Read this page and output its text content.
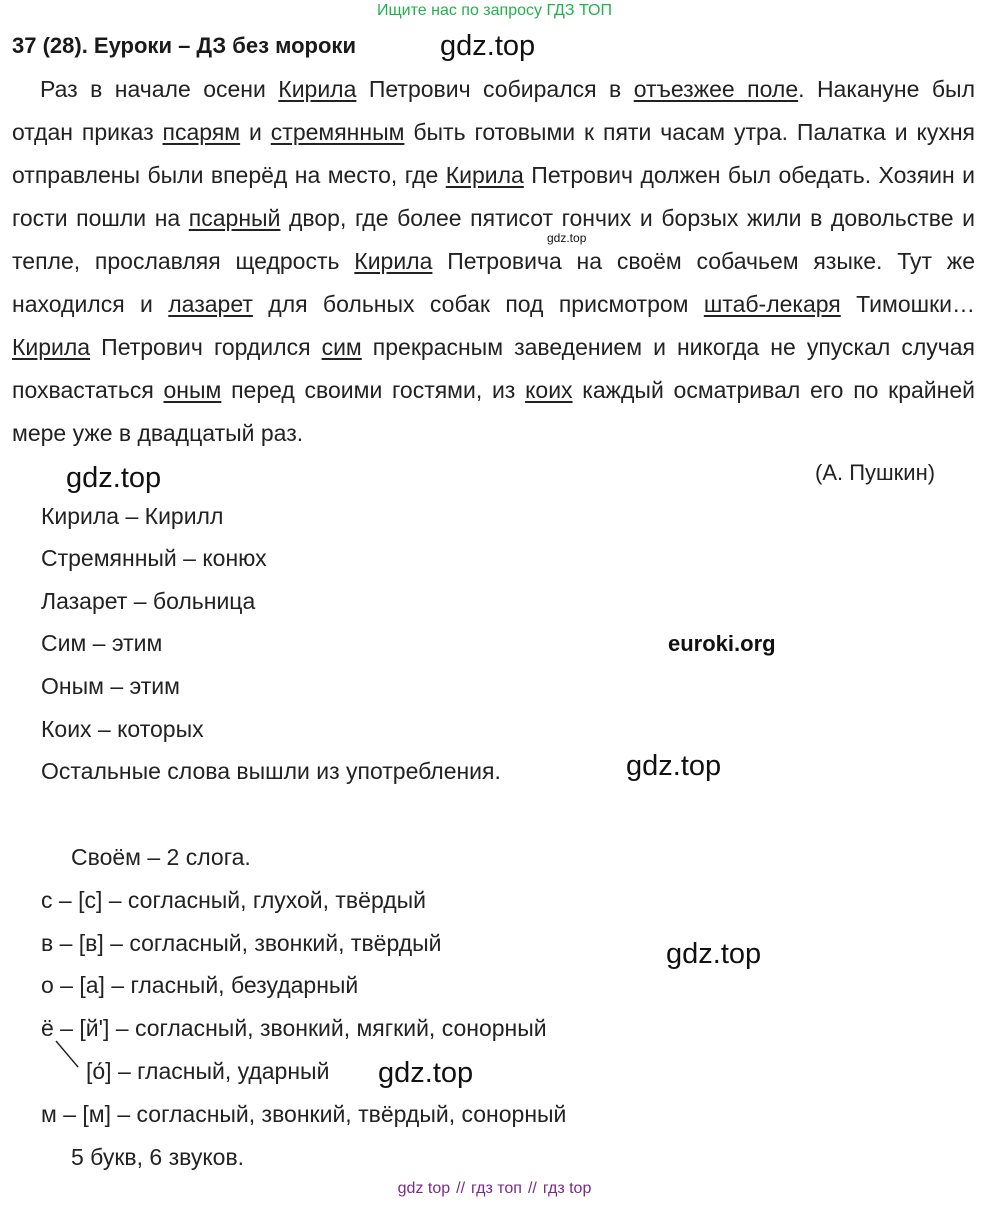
Ищите нас по запросу ГДЗ ТОП
37 (28). Еуроки – ДЗ без мороки	gdz.top
Раз в начале осени Кирила Петрович собирался в отъезжее поле. Накануне был отдан приказ псарям и стремянным быть готовыми к пяти часам утра. Палатка и кухня отправлены были вперёд на место, где Кирила Петрович должен был обедать. Хозяин и гости пошли на псарный двор, где более пятисот гончих и борзых жили в довольстве и тепле, прославляя щедрость Кирила Петровича на своём собачьем языке. Тут же находился и лазарет для больных собак под присмотром штаб-лекаря Тимошки… Кирила Петрович гордился сим прекрасным заведением и никогда не упускал случая похвастаться оным перед своими гостями, из коих каждый осматривал его по крайней мере уже в двадцатый раз.
gdz.top
gdz.top	(А. Пушкин)
Кирила – Кирилл
Стремянный – конюх
Лазарет – больница
Сим – этим
Оным – этим
Коих – которых
Остальные слова вышли из употребления.
euroki.org
gdz.top
Своём – 2 слога.
с – [с] – согласный, глухой, твёрдый
в – [в] – согласный, звонкий, твёрдый	gdz.top
о – [а] – гласный, безударный
ё – [й'] – согласный, звонкий, мягкий, сонорный
[о́] – гласный, ударный gdz.top
м – [м] – согласный, звонкий, твёрдый, сонорный
5 букв, 6 звуков.
gdz top // гдз топ // гдз top
